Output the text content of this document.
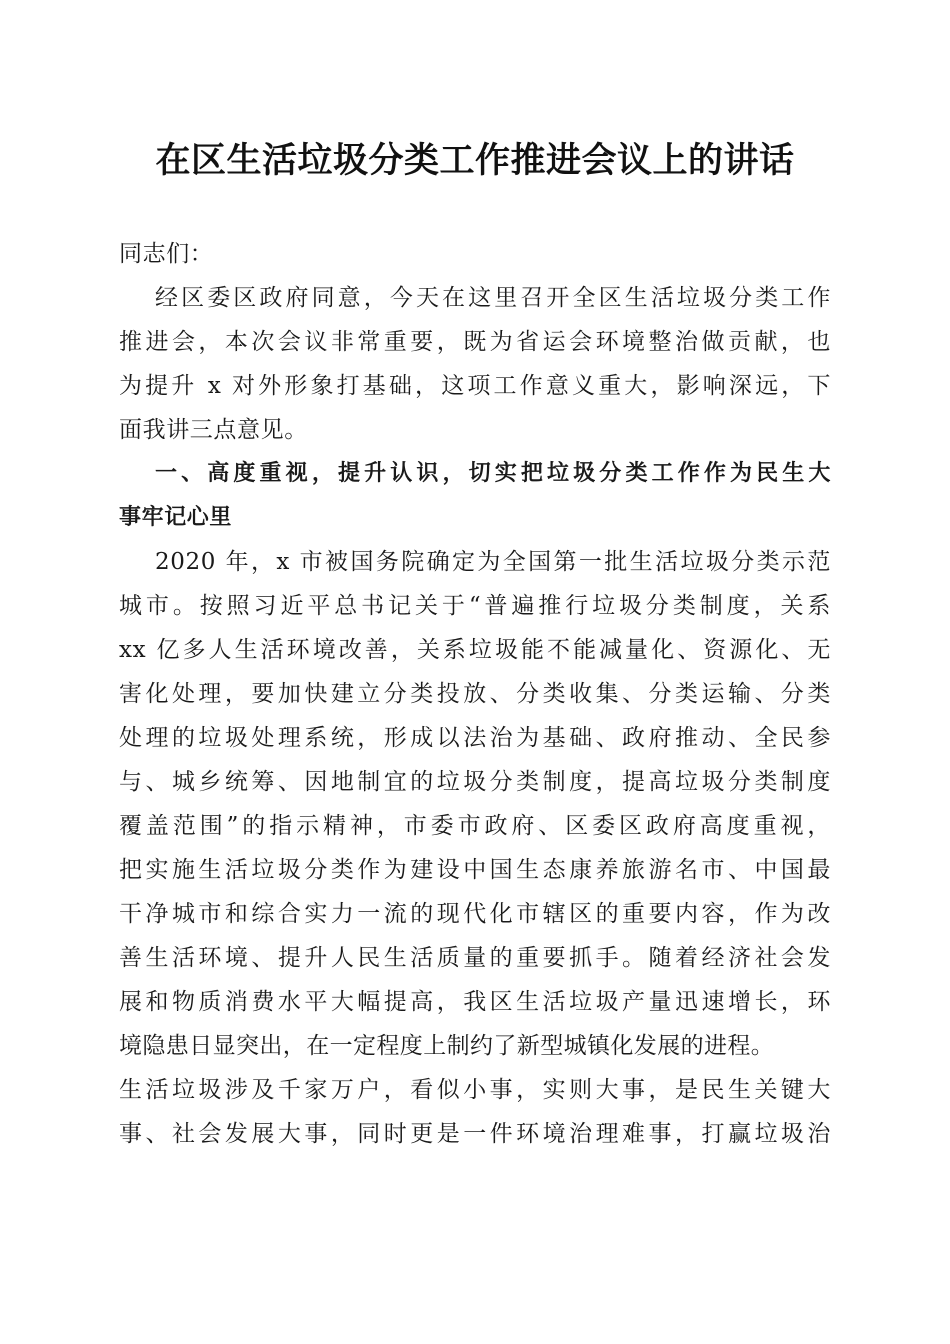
在区生活垃圾分类工作推进会议上的讲话
同志们：
经区委区政府同意，今天在这里召开全区生活垃圾分类工作
推进会，本次会议非常重要，既为省运会环境整治做贡献，也
为提升 x 对外形象打基础，这项工作意义重大，影响深远，下
面我讲三点意见。
一、高度重视，提升认识，切实把垃圾分类工作作为民生大
事牢记心里
2020 年，x 市被国务院确定为全国第一批生活垃圾分类示范
城市。按照习近平总书记关于“普遍推行垃圾分类制度，关系
xx 亿多人生活环境改善，关系垃圾能不能减量化、资源化、无
害化处理，要加快建立分类投放、分类收集、分类运输、分类
处理的垃圾处理系统，形成以法治为基础、政府推动、全民参
与、城乡统筹、因地制宜的垃圾分类制度，提高垃圾分类制度
覆盖范围”的指示精神，市委市政府、区委区政府高度重视，
把实施生活垃圾分类作为建设中国生态康养旅游名市、中国最
干净城市和综合实力一流的现代化市辖区的重要内容，作为改
善生活环境、提升人民生活质量的重要抓手。随着经济社会发
展和物质消费水平大幅提高，我区生活垃圾产量迅速增长，环
境隐患日显突出，在一定程度上制约了新型城镇化发展的进程。
生活垃圾涉及千家万户，看似小事，实则大事，是民生关键大
事、社会发展大事，同时更是一件环境治理难事，打赢垃圾治
